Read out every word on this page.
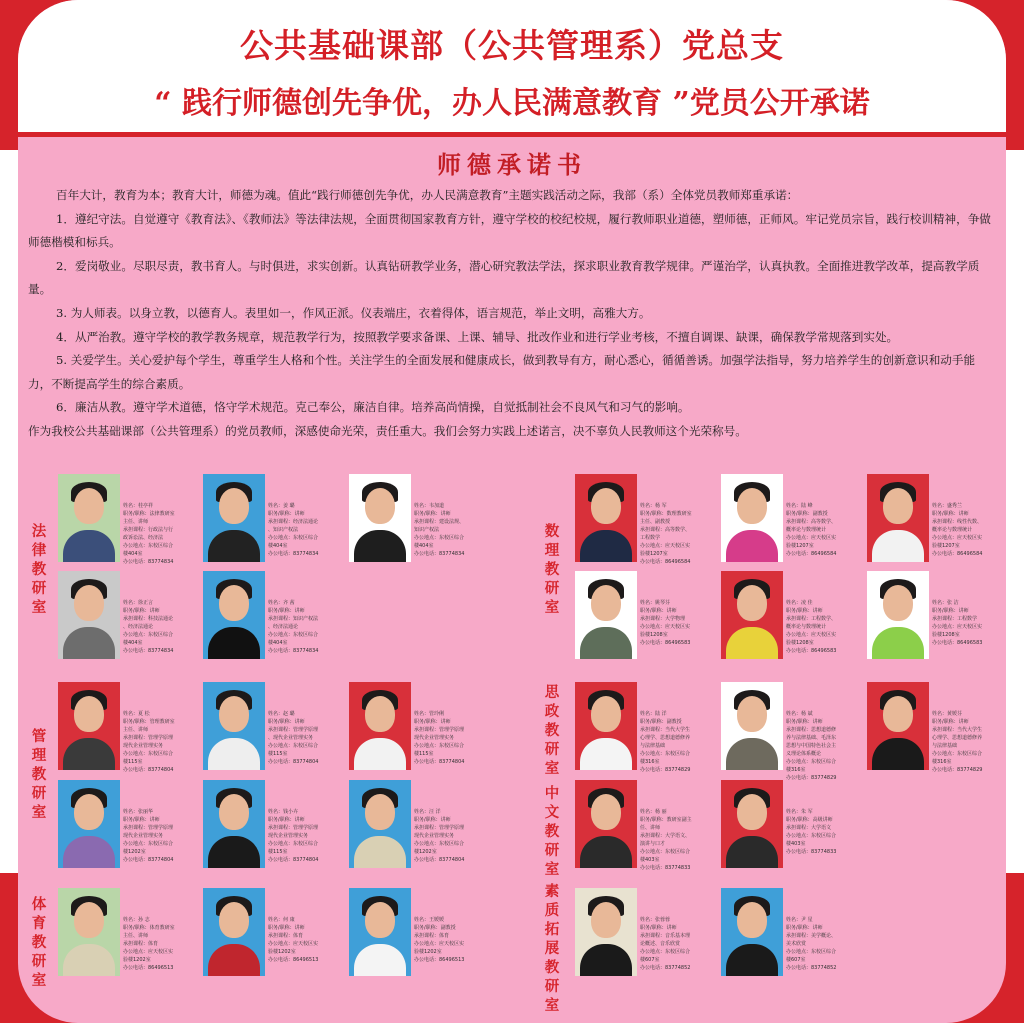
公共基础课部（公共管理系）党总支
“ 践行师德创先争优，办人民满意教育 ”党员公开承诺
师德承诺书

百年大计，教育为本；教育大计，师德为魂。值此“践行师德创先争优，办人民满意教育”主题实践活动之际，我部（系）全体党员教师郑重承诺：

1．遵纪守法。自觉遵守《教育法》、《教师法》等法律法规，全面贯彻国家教育方针，遵守学校的校纪校规，履行教师职业道德，塑师德，正师风。牢记党员宗旨，践行校训精神，争做师德楷模和标兵。

2．爱岗敬业。尽职尽责，教书育人。与时俱进，求实创新。认真钻研教学业务，潜心研究教法学法，探求职业教育教学规律。严谨治学，认真执教。全面推进教学改革，提高教学质量。

3. 为人师表。以身立教，以德育人。表里如一，作风正派。仪表端庄，衣着得体，语言规范，举止文明，高雅大方。

4．从严治教。遵守学校的教学教务规章，规范教学行为，按照教学要求备课、上课、辅导、批改作业和进行学业考核，不擅自调课、缺课，确保教学常规落到实处。

5. 关爱学生。关心爱护每个学生，尊重学生人格和个性。关注学生的全面发展和健康成长，做到教导有方，耐心悉心，循循善诱。加强学法指导，努力培养学生的创新意识和动手能力，不断提高学生的综合素质。

6．廉洁从教。遵守学术道德，恪守学术规范。克己奉公，廉洁自律。培养高尚情操，自觉抵制社会不良风气和习气的影响。

作为我校公共基础课部（公共管理系）的党员教师，深感使命光荣，责任重大。我们会努力实践上述诺言，决不辜负人民教师这个光荣称号。

法律教研室
管理教研室
体育教研室
数理教研室
思政教研室
中文教研室
素质拓展教研室
姓名：桂亭祥
职务/职称：法律教研室
主任、讲师
承担课程：行政法与行
政诉讼法、经济法
办公地点：东校区综合
楼404室
办公电话：83774834
姓名：姜 璐
职务/职称：讲师
承担课程：经济法通论
、知识产权法
办公地点：东校区综合
楼404室
办公电话：83774834
姓名：韦加道
职务/职称：讲师
承担课程：建设法规、
知识产权法
办公地点：东校区综合
楼404室
办公电话：83774834
姓名：徐正言
职务/职称：讲师
承担课程：科技法通论
、经济法通论
办公地点：东校区综合
楼404室
办公电话：83774834
姓名：齐 茜
职务/职称：讲师
承担课程：知识产权法
、经济法通论
办公地点：东校区综合
楼404室
办公电话：83774834
姓名：夏 松
职务/职称：管理教研室
主任、讲师
承担课程：管理学原理
现代企业管理实务
办公地点：东校区综合
楼115室
办公电话：83774804
姓名：赵 璐
职务/职称：讲师
承担课程：管理学原理
、现代企业管理实务
办公地点：东校区综合
楼115室
办公电话：83774804
姓名：管玲俐
职务/职称：讲师
承担课程：管理学原理
现代企业管理实务
办公地点：东校区综合
楼115室
办公电话：83774804
姓名：张丽华
职务/职称：讲师
承担课程：管理学原理
现代企业管理实务
办公地点：东校区综合
楼1202室
办公电话：83774804
姓名：钱小卉
职务/职称：讲师
承担课程：管理学原理
现代企业管理实务
办公地点：东校区综合
楼115室
办公电话：83774804
姓名：汪 洋
职务/职称：讲师
承担课程：管理学原理
现代企业管理实务
办公地点：东校区综合
楼1202室
办公电话：83774804
姓名：孙 志
职务/职称：体育教研室
主任、讲师
承担课程：体育
办公地点：应天校区实
验楼1202室
办公电话：86496513
姓名：何 康
职务/职称：讲师
承担课程：体育
办公地点：应天校区实
验楼1202室
办公电话：86496513
姓名：王媛媛
职务/职称：副教授
承担课程：体育
办公地点：应天校区实
验楼1202室
办公电话：86496513
姓名：杨 军
职务/职称：数理教研室
主任、副教授
承担课程：高等数学、
工程数学
办公地点：应天校区实
验楼1207室
办公电话：86496584
姓名：陆 峰
职务/职称：副教授
承担课程：高等数学、
概率论与数理统计
办公地点：应天校区实
验楼1207室
办公电话：86496584
姓名：盛秀兰
职务/职称：讲师
承担课程：线性代数、
概率论与数理统计
办公地点：应天校区实
验楼1207室
办公电话：86496584
姓名：姚琴芬
职务/职称：讲师
承担课程：大学物理
办公地点：应天校区实
验楼1208室
办公电话：86496583
姓名：凌 佳
职务/职称：讲师
承担课程：工程数学、
概率论与数理统计
办公地点：应天校区实
验楼1208室
办公电话：86496583
姓名：张 洁
职务/职称：讲师
承担课程：工程数学
办公地点：应天校区实
验楼1208室
办公电话：86496583
姓名：陆 洋
职务/职称：副教授
承担课程：当代大学生
心理学、思想道德修养
与法律基础
办公地点：东校区综合
楼316室
办公电话：83774829
姓名：杨 斌
职务/职称：讲师
承担课程：思想道德修
养与法律基础、毛泽东
思想与中国特色社会主
义理论体系概论
办公地点：东校区综合
楼316室
办公电话：83774829
姓名：黄媛芬
职务/职称：讲师
承担课程：当代大学生
心理学、思想道德修养
与法律基础
办公地点：东校区综合
楼316室
办公电话：83774829
姓名：杨 丽
职务/职称：教研室副主
任、讲师
承担课程：大学语文、
演讲与口才
办公地点：东校区综合
楼403室
办公电话：83774833
姓名：朱 军
职务/职称：高级讲师
承担课程：大学语文
办公地点：东校区综合
楼403室
办公电话：83774833
姓名：张蓉蓉
职务/职称：讲师
承担课程：音乐基本理
论概述、音乐欣赏
办公地点：东校区综合
楼607室
办公电话：83774852
姓名：尹 星
职务/职称：讲师
承担课程：美学概论、
美术欣赏
办公地点：东校区综合
楼607室
办公电话：83774852
